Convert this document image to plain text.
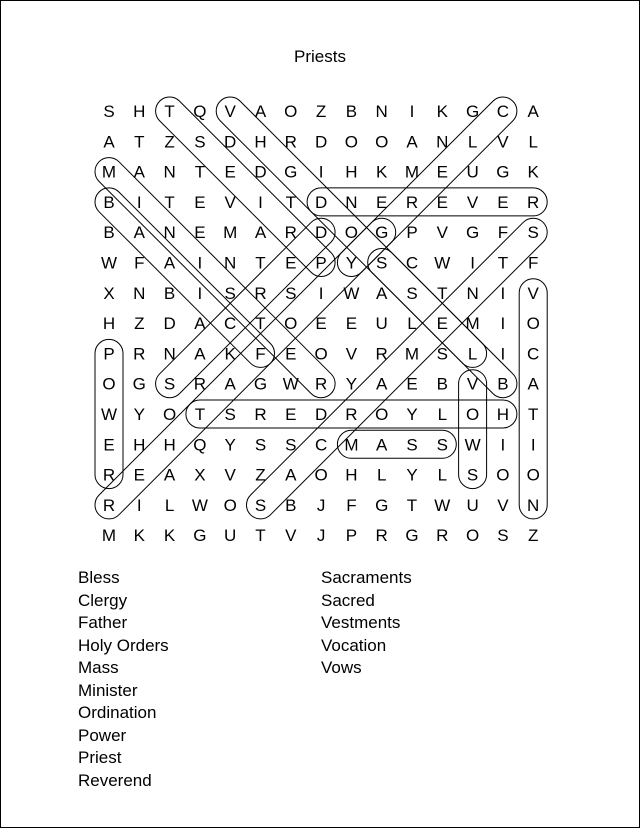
Priests
S H T Q V A O Z B N I K G C A
A T Z S D H R D O O A N L V L
M A N T E D G I H K M E U G K
B I T E V I T D N E R E V E R
B A N E M A R D O G P V G F S
W F A I N T E P Y S C W I T F
X N B I S R S I W A S T N I V
H Z D A C T O E E U L E M I O
P R N A K F E O V R M S L I C
O G S R A G W R Y A E B V B A
W Y O T S R E D R O Y L O H T
E H H Q Y S S C M A S S W I I
R E A X V Z A O H L Y L S O O
R I L W O S B J F G T W U V N
M K K G U T V J P R G R O S Z
Bless
Clergy
Father
Holy Orders
Mass
Minister
Ordination
Power
Priest
Reverend
Sacraments
Sacred
Vestments
Vocation
Vows
